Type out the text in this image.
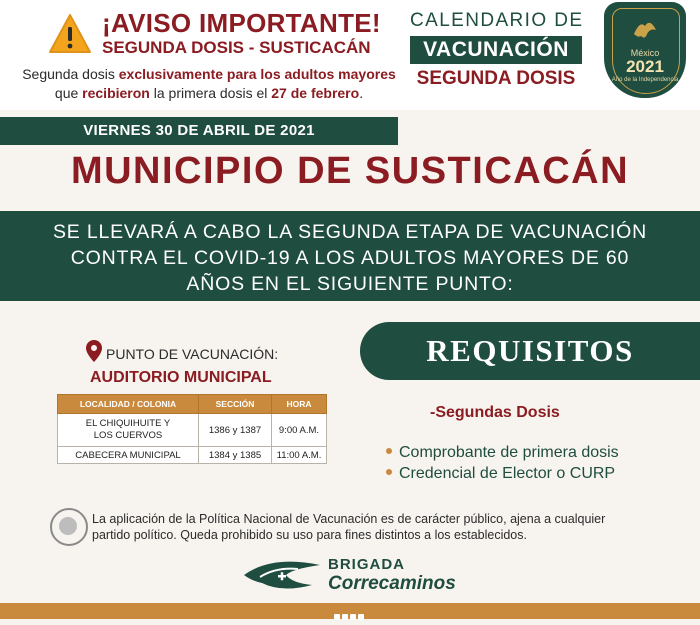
¡AVISO IMPORTANTE!
SEGUNDA DOSIS - SUSTICACÁN
Segunda dosis exclusivamente para los adultos mayores
que recibieron la primera dosis el 27 de febrero.
CALENDARIO DE
VACUNACIÓN
SEGUNDA DOSIS
México
2021
Año de la Independencia
VIERNES 30 DE ABRIL DE 2021
MUNICIPIO DE SUSTICACÁN
SE LLEVARÁ A CABO LA SEGUNDA ETAPA DE VACUNACIÓN
CONTRA EL COVID-19 A LOS ADULTOS MAYORES DE 60
AÑOS EN EL SIGUIENTE PUNTO:
PUNTO DE VACUNACIÓN:
AUDITORIO MUNICIPAL
LOCALIDAD / COLONIA	SECCIÓN	HORA
EL CHIQUIHUITE Y
LOS CUERVOS	1386 y 1387	9:00 A.M.
CABECERA MUNICIPAL	1384 y 1385	11:00 A.M.
REQUISITOS
-Segundas Dosis
Comprobante de primera dosis
Credencial de Elector o CURP
La aplicación de la Política Nacional de Vacunación es de carácter público, ajena a cualquier
partido político. Queda prohibido su uso para fines distintos a los establecidos.
BRIGADA
Correcaminos
